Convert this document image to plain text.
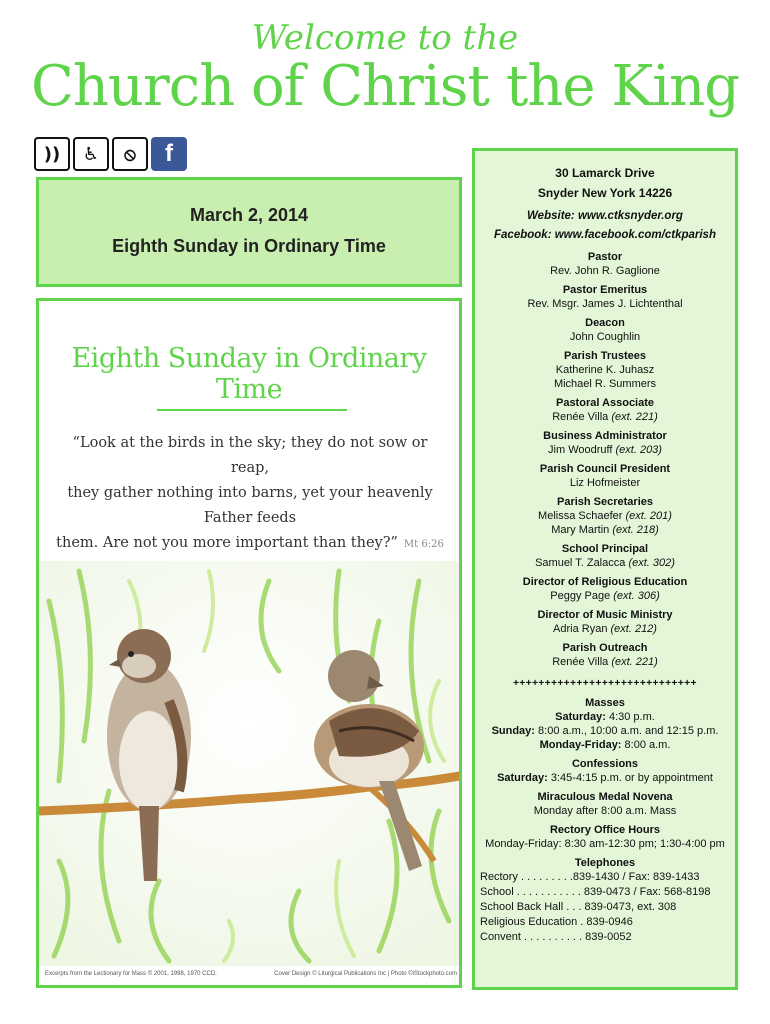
Welcome to the
Church of Christ the King
))	♿	⦸	f
March 2, 2014
Eighth Sunday in Ordinary Time
Eighth Sunday in Ordinary Time
“Look at the birds in the sky; they do not sow or reap,
they gather nothing into barns, yet your heavenly Father feeds
them. Are not you more important than they?” Mt 6:26
Excerpts from the Lectionary for Mass © 2001, 1998, 1970 CCD.	Cover Design © Liturgical Publications Inc | Photo ©iStockphoto.com
30 Lamarck Drive
Snyder New York 14226
Website: www.ctksnyder.org
Facebook: www.facebook.com/ctkparish
Pastor
Rev. John R. Gaglione
Pastor Emeritus
Rev. Msgr. James J. Lichtenthal
Deacon
John Coughlin
Parish Trustees
Katherine K. Juhasz
Michael R. Summers
Pastoral Associate
Renée Villa (ext. 221)
Business Administrator
Jim Woodruff (ext. 203)
Parish Council President
Liz Hofmeister
Parish Secretaries
Melissa Schaefer (ext. 201)
Mary Martin (ext. 218)
School Principal
Samuel T. Zalacca (ext. 302)
Director of Religious Education
Peggy Page (ext. 306)
Director of Music Ministry
Adria Ryan (ext. 212)
Parish Outreach
Renée Villa (ext. 221)
+++++++++++++++++++++++++++++
Masses
Saturday: 4:30 p.m.
Sunday: 8:00 a.m., 10:00 a.m. and 12:15 p.m.
Monday-Friday: 8:00 a.m.
Confessions
Saturday: 3:45-4:15 p.m. or by appointment
Miraculous Medal Novena
Monday after 8:00 a.m. Mass
Rectory Office Hours
Monday-Friday: 8:30 am-12:30 pm; 1:30-4:00 pm
Telephones
Rectory . . . . . . . . .839-1430 / Fax: 839-1433
School . . . . . . . . . . . 839-0473 / Fax: 568-8198
School Back Hall . . . 839-0473, ext. 308
Religious Education . 839-0946
Convent . . . . . . . . . . 839-0052
